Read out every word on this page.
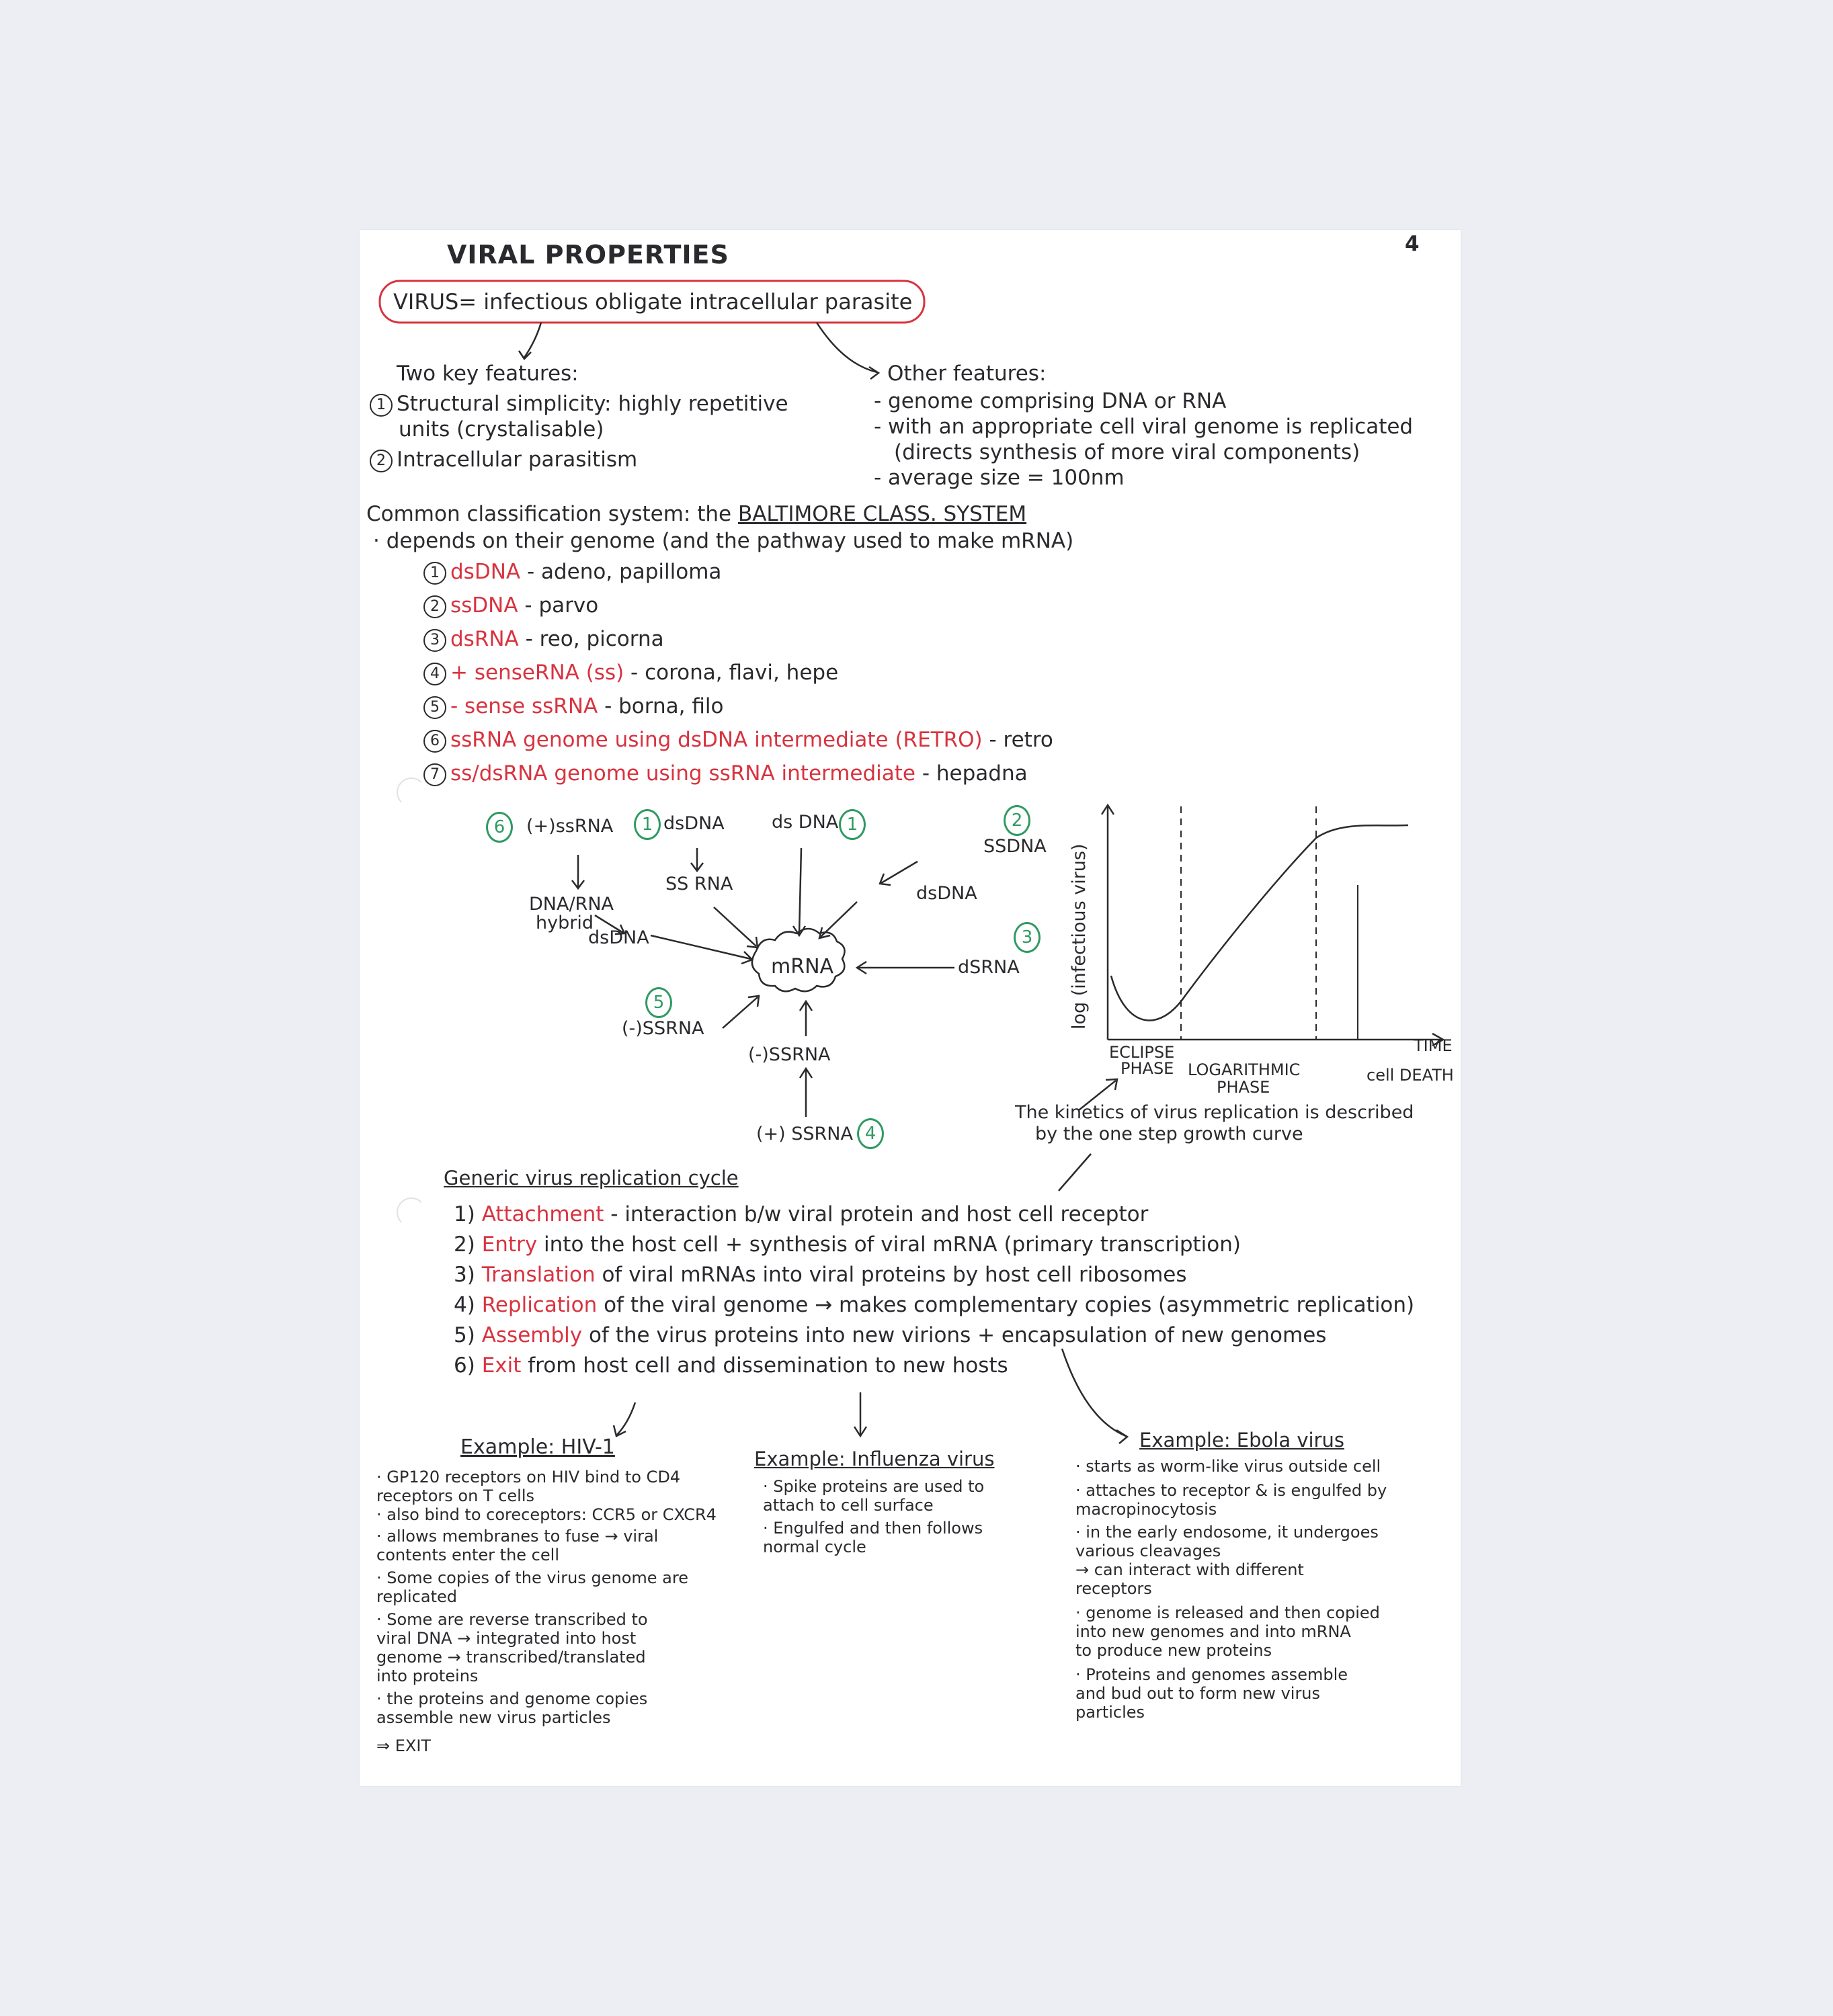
4
VIRAL PROPERTIES
VIRUS= infectious obligate intracellular parasite
Two key features:
1 Structural simplicity: highly repetitive
units (crystalisable)
2 Intracellular parasitism
Other features:
- genome comprising DNA or RNA
- with an appropriate cell viral genome is replicated
(directs synthesis of more viral components)
- average size = 100nm
Common classification system: the BALTIMORE CLASS. SYSTEM
· depends on their genome (and the pathway used to make mRNA)
1 dsDNA - adeno, papilloma
2 ssDNA - parvo
3 dsRNA - reo, picorna
4 + senseRNA (ss) - corona, flavi, hepe
5 - sense ssRNA - borna, filo
6 ssRNA genome using dsDNA intermediate (RETRO) - retro
7 ss/dsRNA genome using ssRNA intermediate - hepadna
6	(+)ssRNA	1 dsDNA	ds DNA 1	2
SSDNA
SS RNA
DNA/RNA
hybrid
dsDNA
dsDNA
3
dSRNA
mRNA
5
(-)SSRNA
(-)SSRNA
(+) SSRNA 4
log (infectious virus)
TIME
ECLIPSE
PHASE LOGARITHMIC
PHASE
cell DEATH
The kinetics of virus replication is described
by the one step growth curve
Generic virus replication cycle
1) Attachment - interaction b/w viral protein and host cell receptor
2) Entry into the host cell + synthesis of viral mRNA (primary transcription)
3) Translation of viral mRNAs into viral proteins by host cell ribosomes
4) Replication of the viral genome → makes complementary copies (asymmetric replication)
5) Assembly of the virus proteins into new virions + encapsulation of new genomes
6) Exit from host cell and dissemination to new hosts
Example: HIV-1
· GP120 receptors on HIV bind to CD4
receptors on T cells
· also bind to coreceptors: CCR5 or CXCR4
· allows membranes to fuse → viral
contents enter the cell
· Some copies of the virus genome are
replicated
· Some are reverse transcribed to
viral DNA → integrated into host
genome → transcribed/translated
into proteins
· the proteins and genome copies
assemble new virus particles
⇒ EXIT
Example: Influenza virus
· Spike proteins are used to
attach to cell surface
· Engulfed and then follows
normal cycle
Example: Ebola virus
· starts as worm-like virus outside cell
· attaches to receptor & is engulfed by
macropinocytosis
· in the early endosome, it undergoes
various cleavages
→ can interact with different
receptors
· genome is released and then copied
into new genomes and into mRNA
to produce new proteins
· Proteins and genomes assemble
and bud out to form new virus
particles
